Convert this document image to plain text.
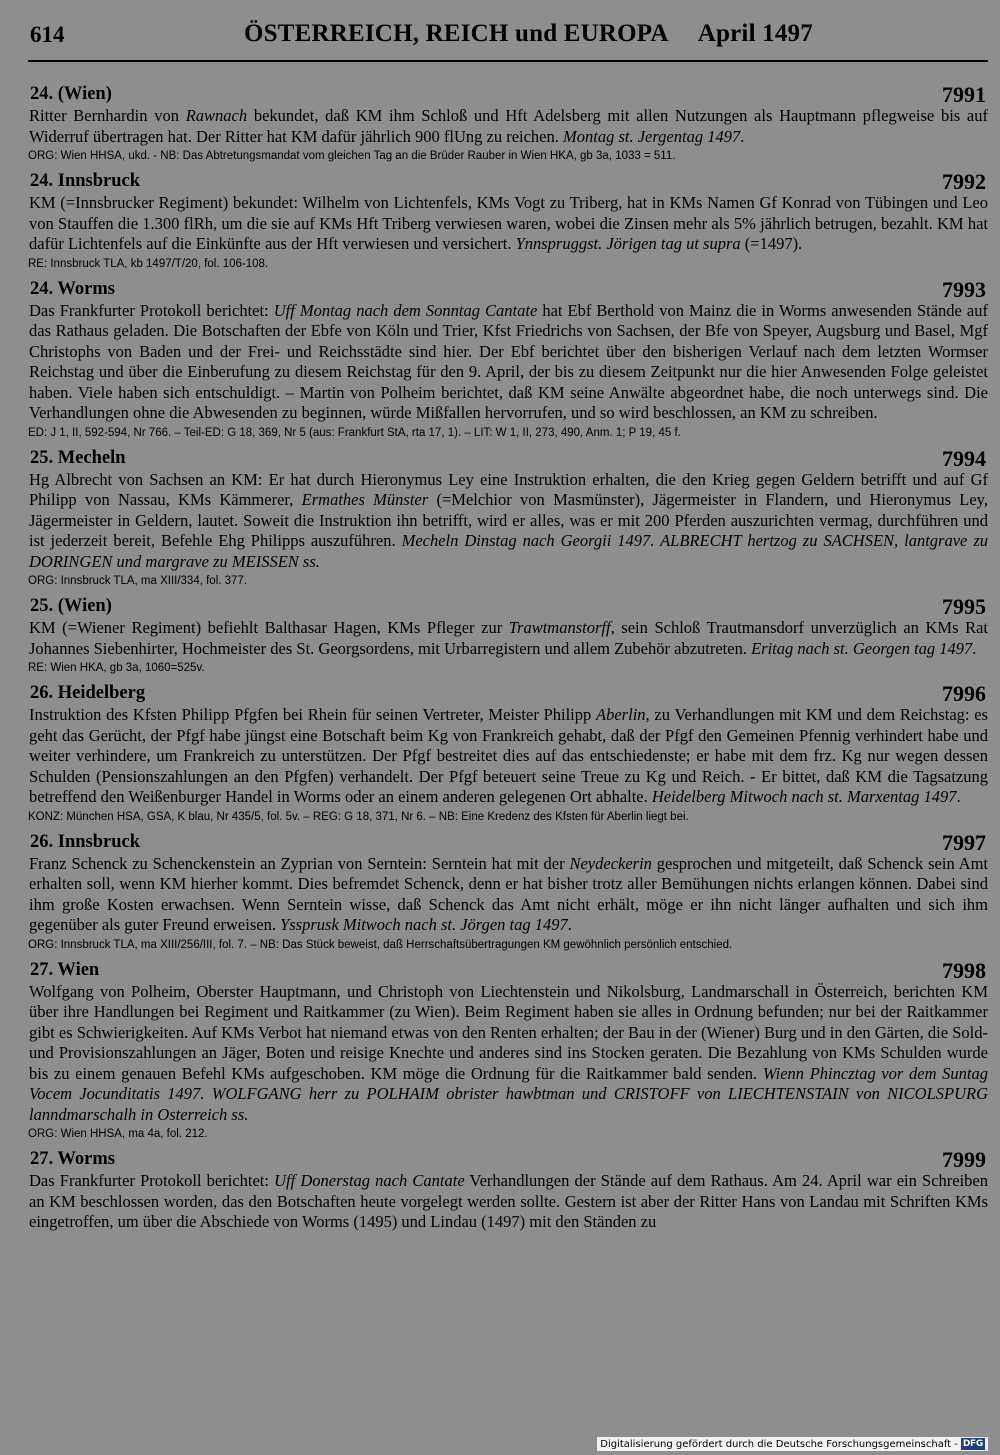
614	ÖSTERREICH, REICH und EUROPA April 1497
24. (Wien)	7991
Ritter Bernhardin von Rawnach bekundet, daß KM ihm Schloß und Hft Adelsberg mit allen Nutzungen als Hauptmann pflegweise bis auf Widerruf übertragen hat. Der Ritter hat KM dafür jährlich 900 flUng zu reichen. Montag st. Jergentag 1497.
ORG: Wien HHSA, ukd. - NB: Das Abtretungsmandat vom gleichen Tag an die Brüder Rauber in Wien HKA, gb 3a, 1033 = 511.
24. Innsbruck	7992
KM (=Innsbrucker Regiment) bekundet: Wilhelm von Lichtenfels, KMs Vogt zu Triberg, hat in KMs Namen Gf Konrad von Tübingen und Leo von Stauffen die 1.300 flRh, um die sie auf KMs Hft Triberg verwiesen waren, wobei die Zinsen mehr als 5% jährlich betrugen, bezahlt. KM hat dafür Lichtenfels auf die Einkünfte aus der Hft verwiesen und versichert. Ynnspruggst. Jörigen tag ut supra (=1497).
RE: Innsbruck TLA, kb 1497/T/20, fol. 106-108.
24. Worms	7993
Das Frankfurter Protokoll berichtet: Uff Montag nach dem Sonntag Cantate hat Ebf Berthold von Mainz die in Worms anwesenden Stände auf das Rathaus geladen. Die Botschaften der Ebfe von Köln und Trier, Kfst Friedrichs von Sachsen, der Bfe von Speyer, Augsburg und Basel, Mgf Christophs von Baden und der Frei- und Reichsstädte sind hier. Der Ebf berichtet über den bisherigen Verlauf nach dem letzten Wormser Reichstag und über die Einberufung zu diesem Reichstag für den 9. April, der bis zu diesem Zeitpunkt nur die hier Anwesenden Folge geleistet haben. Viele haben sich entschuldigt. – Martin von Polheim berichtet, daß KM seine Anwälte abgeordnet habe, die noch unterwegs sind. Die Verhandlungen ohne die Abwesenden zu beginnen, würde Mißfallen hervorrufen, und so wird beschlossen, an KM zu schreiben.
ED: J 1, II, 592-594, Nr 766. – Teil-ED: G 18, 369, Nr 5 (aus: Frankfurt StA, rta 17, 1). – LIT: W 1, II, 273, 490, Anm. 1; P 19, 45 f.
25. Mecheln	7994
Hg Albrecht von Sachsen an KM: Er hat durch Hieronymus Ley eine Instruktion erhalten, die den Krieg gegen Geldern betrifft und auf Gf Philipp von Nassau, KMs Kämmerer, Ermathes Münster (=Melchior von Masmünster), Jägermeister in Flandern, und Hieronymus Ley, Jägermeister in Geldern, lautet. Soweit die Instruktion ihn betrifft, wird er alles, was er mit 200 Pferden auszurichten vermag, durchführen und ist jederzeit bereit, Befehle Ehg Philipps auszuführen. Mecheln Dinstag nach Georgii 1497. ALBRECHT hertzog zu SACHSEN, lantgrave zu DORINGEN und margrave zu MEISSEN ss.
ORG: Innsbruck TLA, ma XIII/334, fol. 377.
25. (Wien)	7995
KM (=Wiener Regiment) befiehlt Balthasar Hagen, KMs Pfleger zur Trawtmanstorff, sein Schloß Trautmansdorf unverzüglich an KMs Rat Johannes Siebenhirter, Hochmeister des St. Georgsordens, mit Urbarregistern und allem Zubehör abzutreten. Eritag nach st. Georgen tag 1497.
RE: Wien HKA, gb 3a, 1060=525v.
26. Heidelberg	7996
Instruktion des Kfsten Philipp Pfgfen bei Rhein für seinen Vertreter, Meister Philipp Aberlin, zu Verhandlungen mit KM und dem Reichstag: es geht das Gerücht, der Pfgf habe jüngst eine Botschaft beim Kg von Frankreich gehabt, daß der Pfgf den Gemeinen Pfennig verhindert habe und weiter verhindere, um Frankreich zu unterstützen. Der Pfgf bestreitet dies auf das entschiedenste; er habe mit dem frz. Kg nur wegen dessen Schulden (Pensionszahlungen an den Pfgfen) verhandelt. Der Pfgf beteuert seine Treue zu Kg und Reich. - Er bittet, daß KM die Tagsatzung betreffend den Weißenburger Handel in Worms oder an einem anderen gelegenen Ort abhalte. Heidelberg Mitwoch nach st. Marxentag 1497.
KONZ: München HSA, GSA, K blau, Nr 435/5, fol. 5v. – REG: G 18, 371, Nr 6. – NB: Eine Kredenz des Kfsten für Aberlin liegt bei.
26. Innsbruck	7997
Franz Schenck zu Schenckenstein an Zyprian von Serntein: Serntein hat mit der Neydeckerin gesprochen und mitgeteilt, daß Schenck sein Amt erhalten soll, wenn KM hierher kommt. Dies befremdet Schenck, denn er hat bisher trotz aller Bemühungen nichts erlangen können. Dabei sind ihm große Kosten erwachsen. Wenn Serntein wisse, daß Schenck das Amt nicht erhält, möge er ihn nicht länger aufhalten und sich ihm gegenüber als guter Freund erweisen. Yssprusk Mitwoch nach st. Jörgen tag 1497.
ORG: Innsbruck TLA, ma XIII/256/III, fol. 7. – NB: Das Stück beweist, daß Herrschaftsübertragungen KM gewöhnlich persönlich entschied.
27. Wien	7998
Wolfgang von Polheim, Oberster Hauptmann, und Christoph von Liechtenstein und Nikolsburg, Landmarschall in Österreich, berichten KM über ihre Handlungen bei Regiment und Raitkammer (zu Wien). Beim Regiment haben sie alles in Ordnung befunden; nur bei der Raitkammer gibt es Schwierigkeiten. Auf KMs Verbot hat niemand etwas von den Renten erhalten; der Bau in der (Wiener) Burg und in den Gärten, die Sold- und Provisionszahlungen an Jäger, Boten und reisige Knechte und anderes sind ins Stocken geraten. Die Bezahlung von KMs Schulden wurde bis zu einem genauen Befehl KMs aufgeschoben. KM möge die Ordnung für die Raitkammer bald senden. Wienn Phincztag vor dem Suntag Vocem Jocunditatis 1497. WOLFGANG herr zu POLHAIM obrister hawbtman und CRISTOFF von LIECHTENSTAIN von NICOLSPURG lanndmarschalh in Osterreich ss.
ORG: Wien HHSA, ma 4a, fol. 212.
27. Worms	7999
Das Frankfurter Protokoll berichtet: Uff Donerstag nach Cantate Verhandlungen der Stände auf dem Rathaus. Am 24. April war ein Schreiben an KM beschlossen worden, das den Botschaften heute vorgelegt werden sollte. Gestern ist aber der Ritter Hans von Landau mit Schriften KMs eingetroffen, um über die Abschiede von Worms (1495) und Lindau (1497) mit den Ständen zu
Digitalisierung gefördert durch die Deutsche Forschungsgemeinschaft - DFG
